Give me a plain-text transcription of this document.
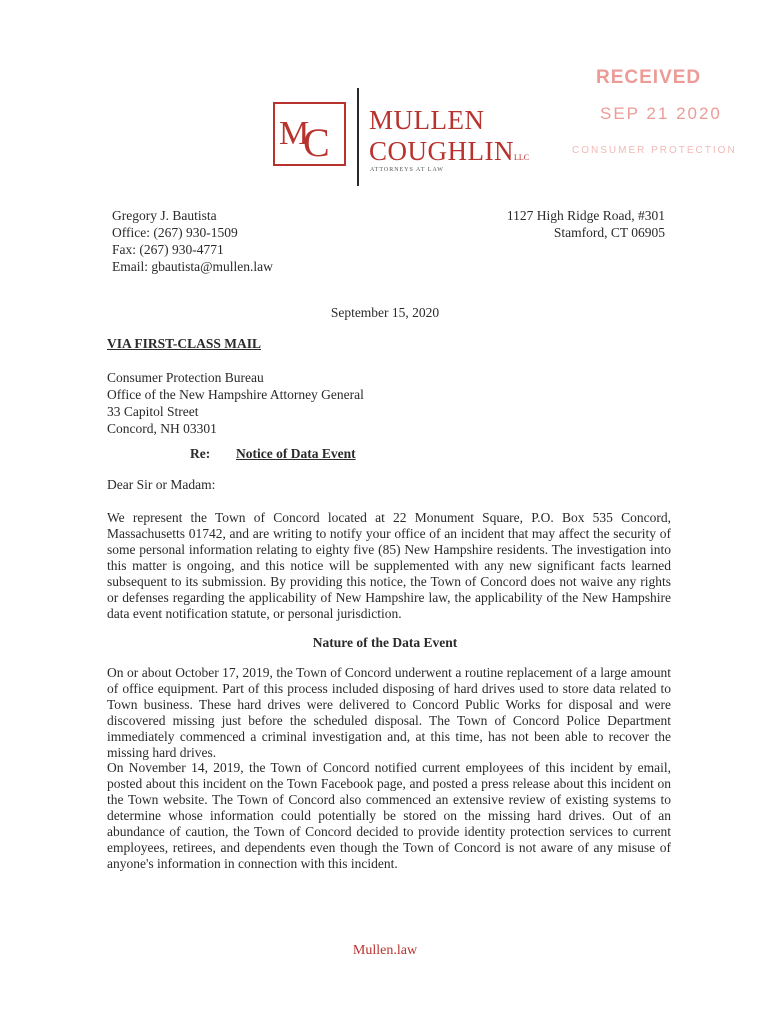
M
C MULLEN
COUGHLINLLC
ATTORNEYS AT LAW
RECEIVED
SEP 21 2020
CONSUMER PROTECTION
Gregory J. Bautista
Office: (267) 930-1509
Fax: (267) 930-4771
Email: gbautista@mullen.law
1127 High Ridge Road, #301
Stamford, CT 06905
September 15, 2020
VIA FIRST-CLASS MAIL
Consumer Protection Bureau
Office of the New Hampshire Attorney General
33 Capitol Street
Concord, NH 03301
Re: Notice of Data Event
Dear Sir or Madam:
We represent the Town of Concord located at 22 Monument Square, P.O. Box 535 Concord, Massachusetts 01742, and are writing to notify your office of an incident that may affect the security of some personal information relating to eighty five (85) New Hampshire residents. The investigation into this matter is ongoing, and this notice will be supplemented with any new significant facts learned subsequent to its submission. By providing this notice, the Town of Concord does not waive any rights or defenses regarding the applicability of New Hampshire law, the applicability of the New Hampshire data event notification statute, or personal jurisdiction.
Nature of the Data Event
On or about October 17, 2019, the Town of Concord underwent a routine replacement of a large amount of office equipment. Part of this process included disposing of hard drives used to store data related to Town business. These hard drives were delivered to Concord Public Works for disposal and were discovered missing just before the scheduled disposal. The Town of Concord Police Department immediately commenced a criminal investigation and, at this time, has not been able to recover the missing hard drives.
On November 14, 2019, the Town of Concord notified current employees of this incident by email, posted about this incident on the Town Facebook page, and posted a press release about this incident on the Town website. The Town of Concord also commenced an extensive review of existing systems to determine whose information could potentially be stored on the missing hard drives. Out of an abundance of caution, the Town of Concord decided to provide identity protection services to current employees, retirees, and dependents even though the Town of Concord is not aware of any misuse of anyone's information in connection with this incident.
Mullen.law
